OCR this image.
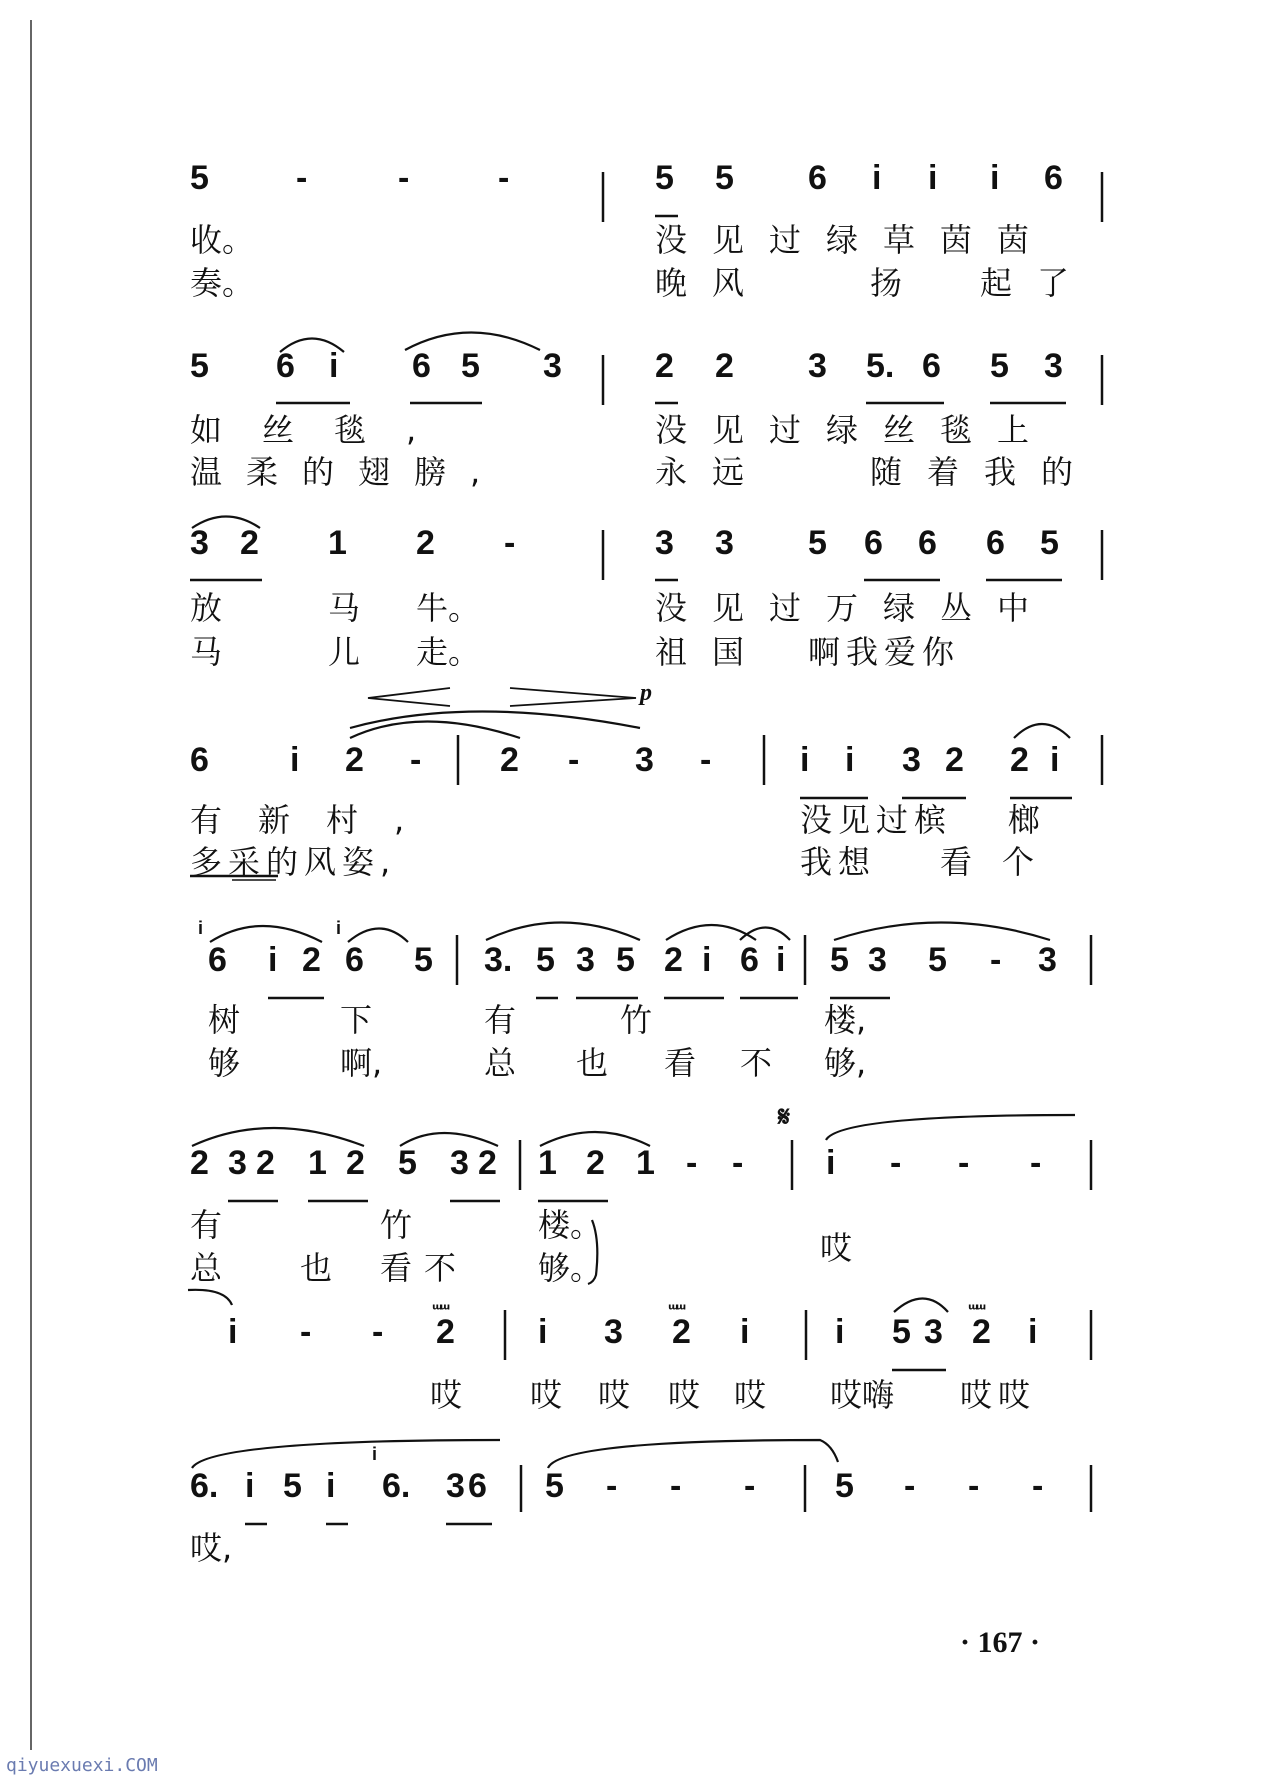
5	-	-	-	5 5 6 i i i 6
收。	没见过绿草茵茵
奏。	晚风	扬 起了
5 6 i 6 5 3	2 2 3 5. 6 5 3
如丝毯,	没见过绿丝毯上
温柔的翅膀,	永远	随着我的
3 2 1 2 -	3 3 5 6 6 6 5
放	马 牛。	没见过万绿丛中
马	儿 走。	祖国 啊我爱你
6 i 2 - 2 - 3 -	i i 3 2 2 i
有新村,	没见过槟 榔
多采的风姿,	我想 看个
6 i 2 6 5 3. 5 3 5 2 i 6 i 5 3 5 - 3
树	下	有	竹	楼,
够	啊,	总 也 看 不 够,
2 3 2 1 2 5 3 2 1 2 1 - - i - - -
有	竹	楼。
哎
总 也 看不 够。
i - - 2 i 3 2 i	i 5 3 2 i
哎 哎 哎 哎 哎 哎嗨 哎哎
6. i 5 i 6. 3 6 5 - - - 5 - - -
哎,
i	i
i
p
𝄋
ᵚᵚ	ᵚᵚ	ᵚᵚ
· 167 ·
qiyuexuexi.COM
